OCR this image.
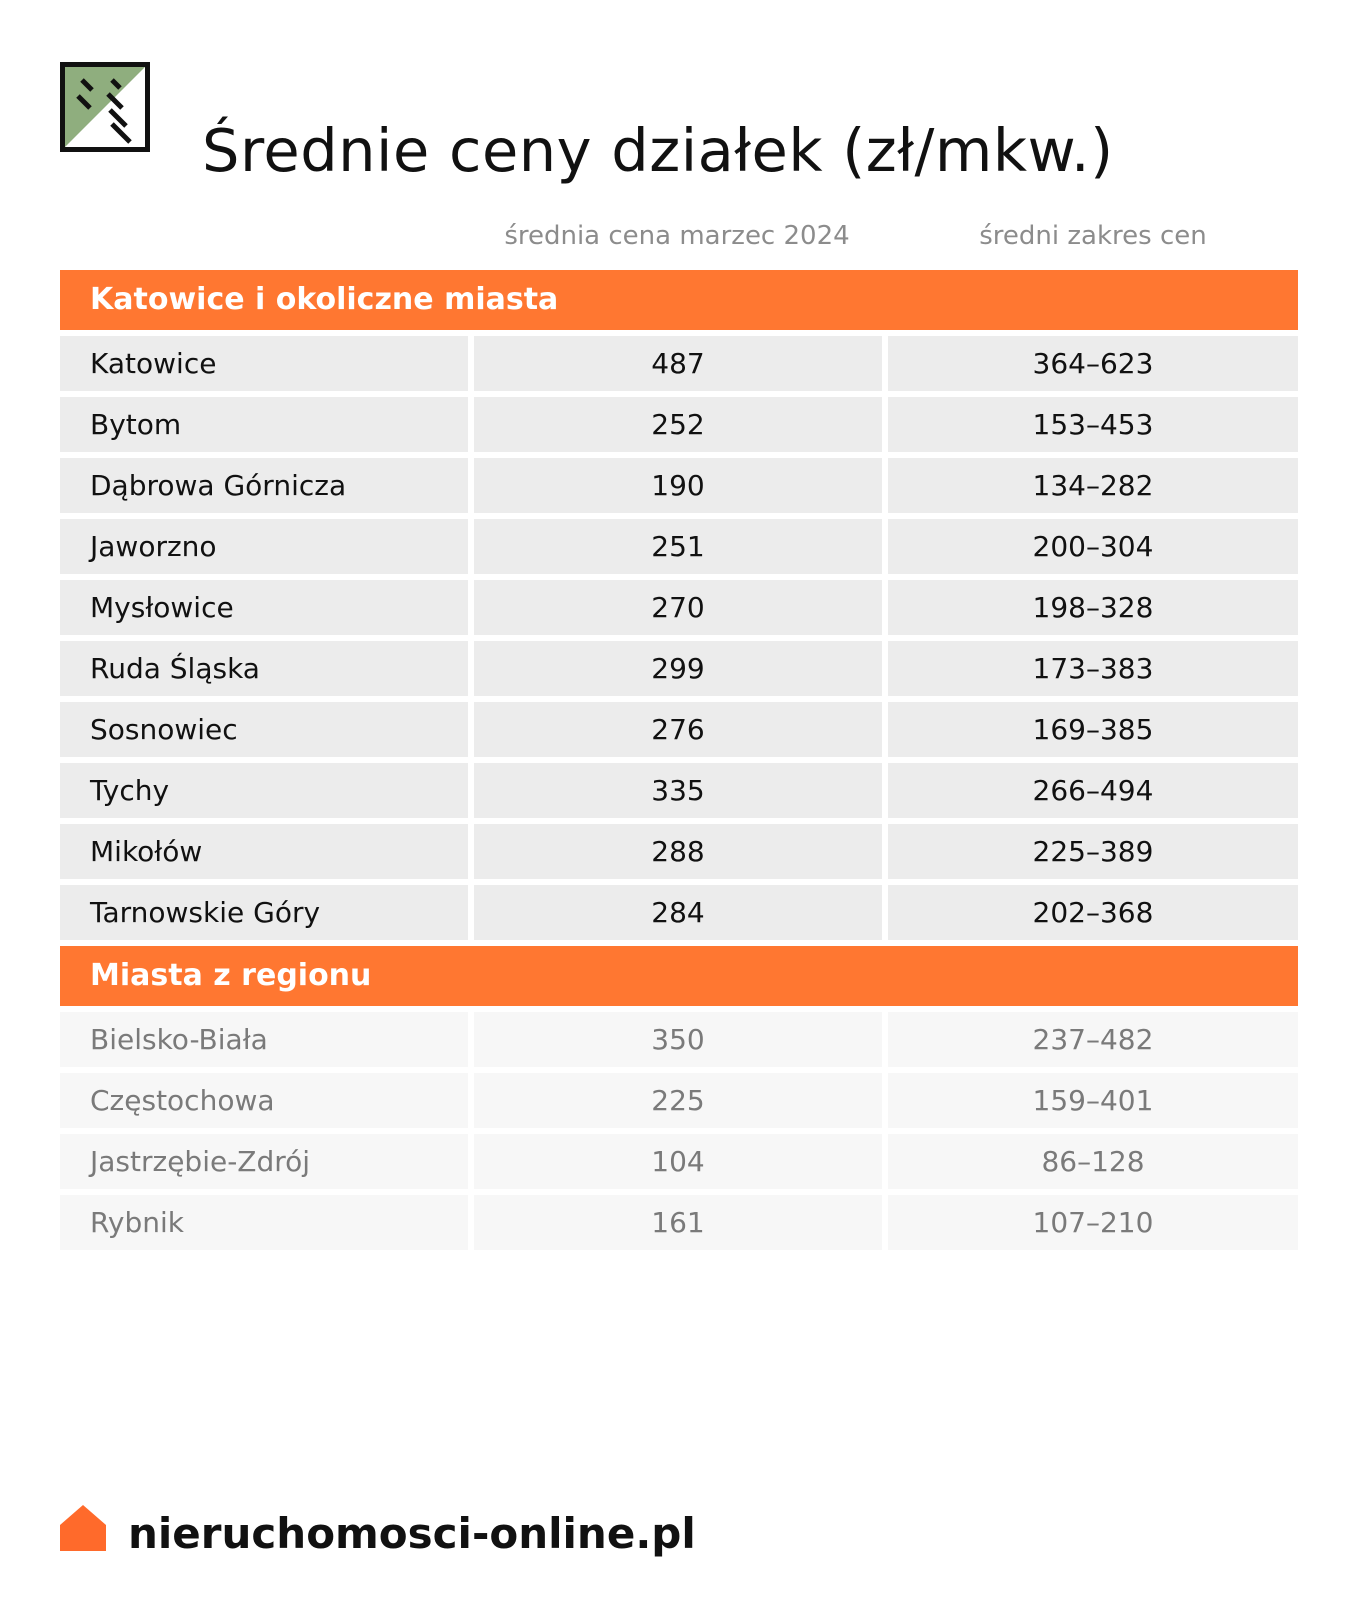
Średnie ceny działek (zł/mkw.)
średnia cena marzec 2024	średni zakres cen
Katowice i okoliczne miasta
Katowice	487	364–623
Bytom	252	153–453
Dąbrowa Górnicza	190	134–282
Jaworzno	251	200–304
Mysłowice	270	198–328
Ruda Śląska	299	173–383
Sosnowiec	276	169–385
Tychy	335	266–494
Mikołów	288	225–389
Tarnowskie Góry	284	202–368
Miasta z regionu
Bielsko-Biała	350	237–482
Częstochowa	225	159–401
Jastrzębie-Zdrój	104	86–128
Rybnik	161	107–210
nieruchomosci-online.pl
